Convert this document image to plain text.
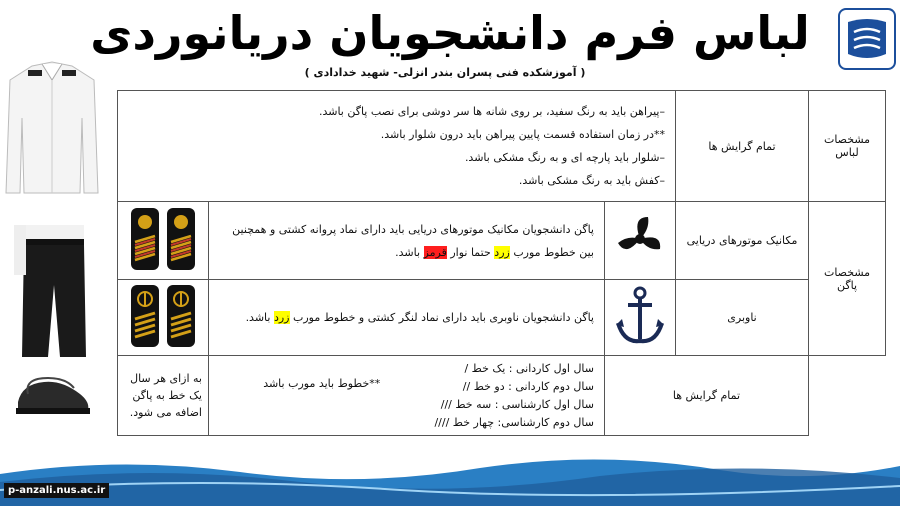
لباس فرم دانشجویان دریانوردی
( آموزشکده فنی پسران بندر انزلی- شهید خدادادی )
مشخصات لباس	تمام گرایش ها	–پیراهن باید به رنگ سفید، بر روی شانه ها سر دوشی برای نصب پاگن باشد.
**در زمان استفاده قسمت پایین پیراهن باید درون شلوار باشد.
–شلوار باید پارچه ای و به رنگ مشکی باشد.
–کفش باید به رنگ مشکی باشد.		

مشخصات پاگن	مکانیک موتورهای دریایی		پاگن دانشجویان مکانیک موتورهای دریایی باید دارای نماد پروانه کشتی و همچنین
بین خطوط مورب زرد حتما نوار قرمز باشد.

	ناوبری		پاگن دانشجویان ناوبری باید دارای نماد لنگر کشتی و خطوط مورب زرد باشد.

	تمام گرایش ها		سال اول کاردانی : یک خط /
سال دوم کاردانی : دو خط //
سال اول کارشناسی : سه خط ///
سال دوم کارشناسی: چهار خط ////
**خطوط باید مورب باشد	به ازای هر سال یک خط به پاگن اضافه می شود.
p-anzali.nus.ac.ir
